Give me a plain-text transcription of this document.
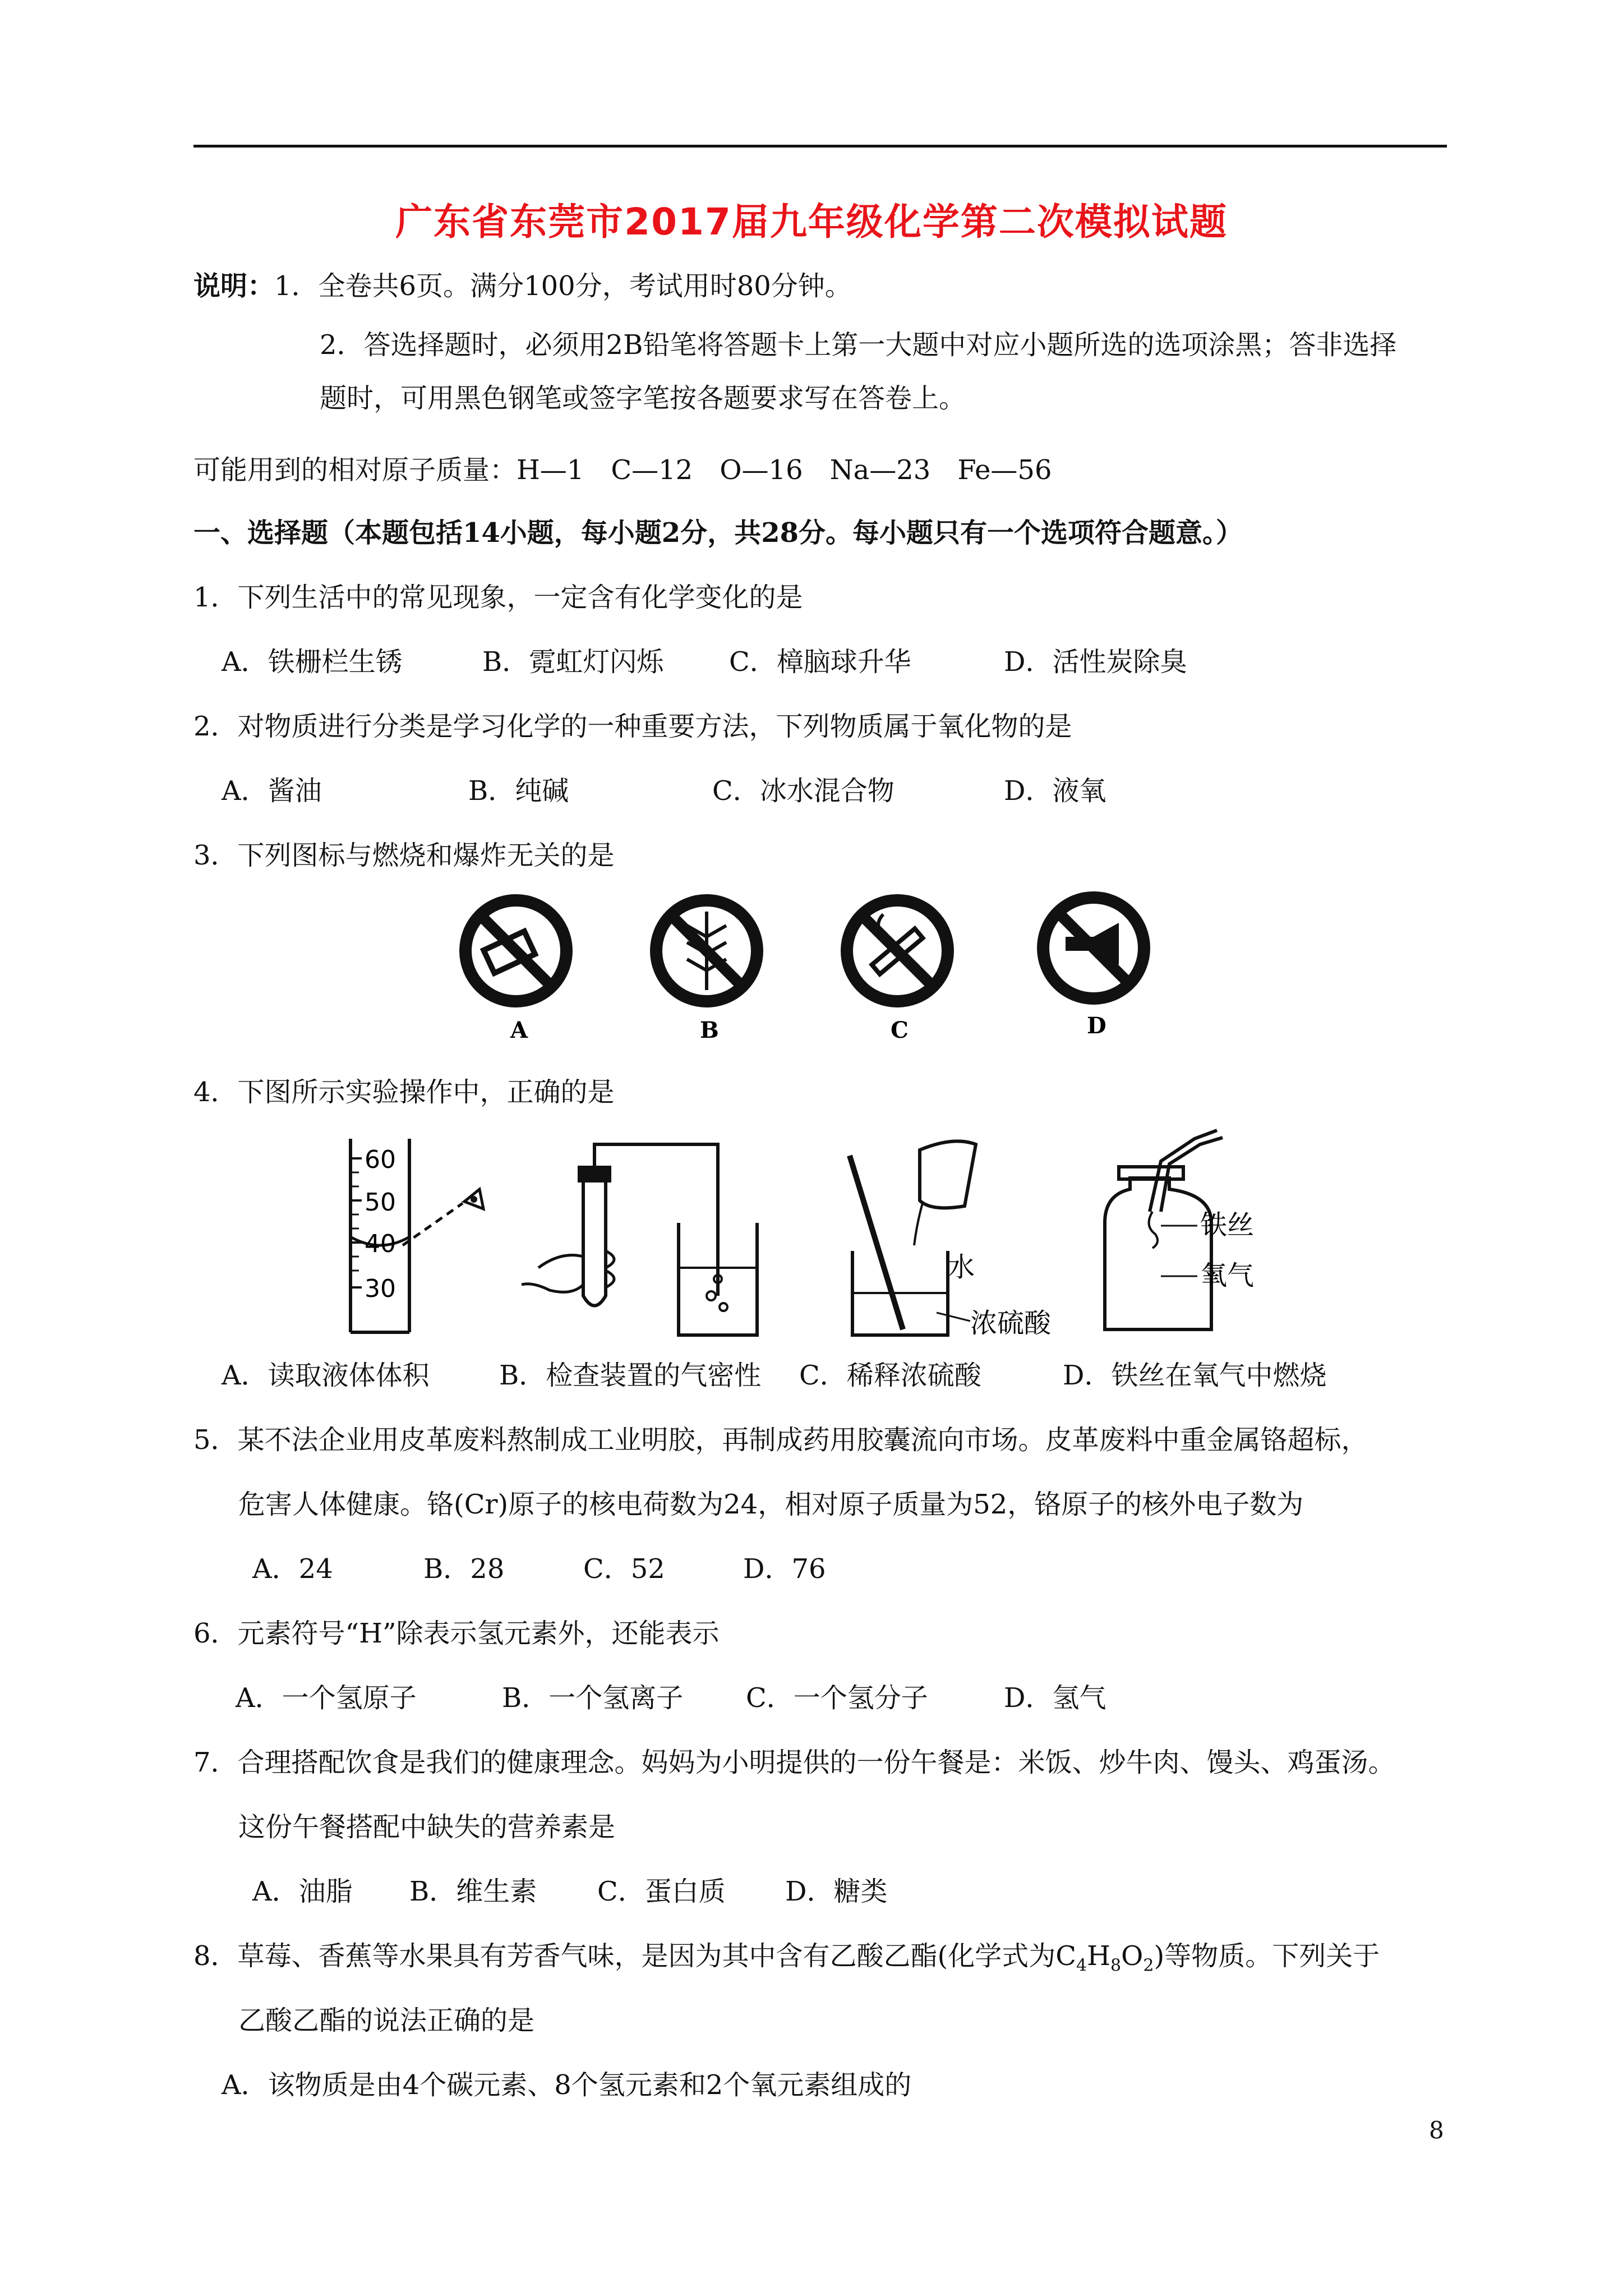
广东省东莞市2017届九年级化学第二次模拟试题
说明：1．全卷共6页。满分100分，考试用时80分钟。
2．答选择题时，必须用2B铅笔将答题卡上第一大题中对应小题所选的选项涂黑；答非选择
题时，可用黑色钢笔或签字笔按各题要求写在答卷上。
可能用到的相对原子质量：H—1　C—12　O—16　Na—23　Fe—56
一、选择题（本题包括14小题，每小题2分，共28分。每小题只有一个选项符合题意。）
1．下列生活中的常见现象，一定含有化学变化的是
A．铁栅栏生锈	B．霓虹灯闪烁 C．樟脑球升华	D．活性炭除臭
2．对物质进行分类是学习化学的一种重要方法，下列物质属于氧化物的是
A．酱油	B．纯碱	C．冰水混合物	D．液氧
3．下列图标与燃烧和爆炸无关的是
A	B	C	D
4．下图所示实验操作中，正确的是
60
50
40
30
水
浓硫酸
铁丝
氧气
A．读取液体体积	B．检查装置的气密性 C．稀释浓硫酸	D．铁丝在氧气中燃烧
5．某不法企业用皮革废料熬制成工业明胶，再制成药用胶囊流向市场。皮革废料中重金属铬超标，
危害人体健康。铬(Cr)原子的核电荷数为24，相对原子质量为52，铬原子的核外电子数为
A．24	B．28	C．52	D．76
6．元素符号“H”除表示氢元素外，还能表示
A．一个氢原子	B．一个氢离子 C．一个氢分子	D．氢气
7．合理搭配饮食是我们的健康理念。妈妈为小明提供的一份午餐是：米饭、炒牛肉、馒头、鸡蛋汤。
这份午餐搭配中缺失的营养素是
A．油脂 B．维生素 C．蛋白质 D．糖类
8．草莓、香蕉等水果具有芳香气味，是因为其中含有乙酸乙酯(化学式为$C_4H_8O_2$)等物质。下列关于
乙酸乙酯的说法正确的是
A．该物质是由4个碳元素、8个氢元素和2个氧元素组成的
8
